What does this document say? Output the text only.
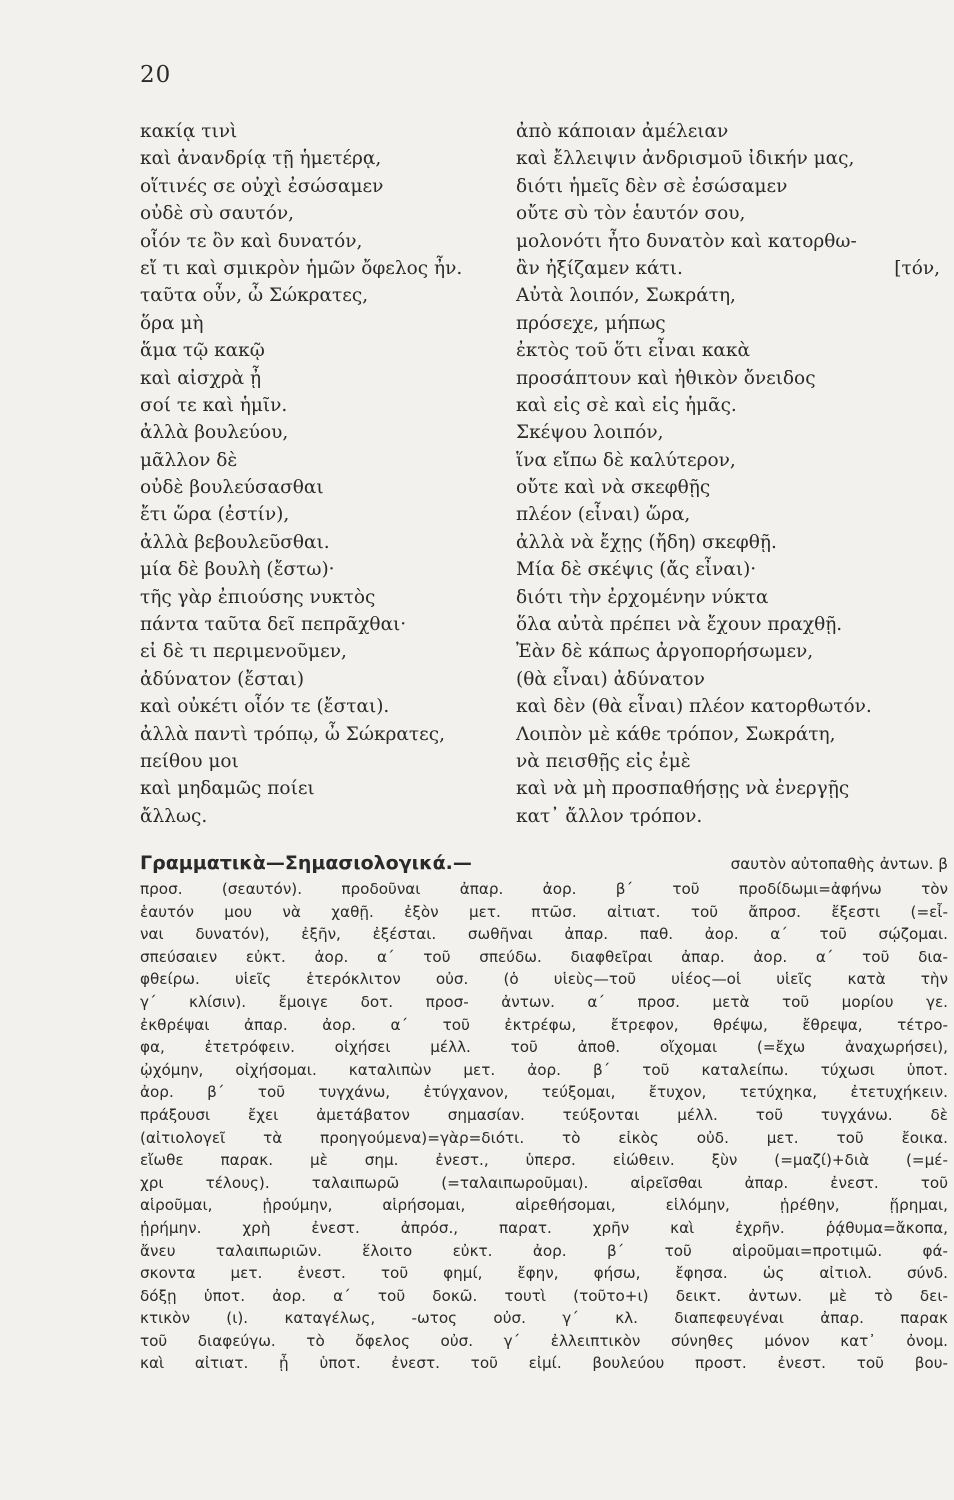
20
κακίᾳ τινὶ
καὶ ἀνανδρίᾳ τῇ ἡμετέρᾳ,
οἵτινές σε οὐχὶ ἐσώσαμεν
οὐδὲ σὺ σαυτόν,
οἷόν τε ὂν καὶ δυνατόν,
εἴ τι καὶ σμικρὸν ἡμῶν ὄφελος ἦν.
ταῦτα οὖν, ὦ Σώκρατες,
ὅρα μὴ
ἅμα τῷ κακῷ
καὶ αἰσχρὰ ᾖ
σοί τε καὶ ἡμῖν.
ἀλλὰ βουλεύου,
μᾶλλον δὲ
οὐδὲ βουλεύσασθαι
ἔτι ὥρα (ἐστίν),
ἀλλὰ βεβουλεῦσθαι.
μία δὲ βουλὴ (ἔστω)·
τῆς γὰρ ἐπιούσης νυκτὸς
πάντα ταῦτα δεῖ πεπρᾶχθαι·
εἰ δὲ τι περιμενοῦμεν,
ἀδύνατον (ἔσται)
καὶ οὐκέτι οἷόν τε (ἔσται).
ἀλλὰ παντὶ τρόπῳ, ὦ Σώκρατες,
πείθου μοι
καὶ μηδαμῶς ποίει
ἄλλως.
ἀπὸ κάποιαν ἀμέλειαν
καὶ ἔλλειψιν ἀνδρισμοῦ ἰδικήν μας,
διότι ἡμεῖς δὲν σὲ ἐσώσαμεν
οὔτε σὺ τὸν ἑαυτόν σου,
μολονότι ἦτο δυνατὸν καὶ κατορθω-
ἂν ἠξίζαμεν κάτι.	[τόν,
Αὐτὰ λοιπόν, Σωκράτη,
πρόσεχε, μήπως
ἐκτὸς τοῦ ὅτι εἶναι κακὰ
προσάπτουν καὶ ἠθικὸν ὄνειδος
καὶ εἰς σὲ καὶ εἰς ἡμᾶς.
Σκέψου λοιπόν,
ἵνα εἴπω δὲ καλύτερον,
οὔτε καὶ νὰ σκεφθῇς
πλέον (εἶναι) ὥρα,
ἀλλὰ νὰ ἔχῃς (ἤδη) σκεφθῇ.
Μία δὲ σκέψις (ἄς εἶναι)·
διότι τὴν ἐρχομένην νύκτα
ὅλα αὐτὰ πρέπει νὰ ἔχουν πραχθῇ.
Ἐὰν δὲ κάπως ἀργοπορήσωμεν,
(θὰ εἶναι) ἀδύνατον
καὶ δὲν (θὰ εἶναι) πλέον κατορθωτόν.
Λοιπὸν μὲ κάθε τρόπον, Σωκράτη,
νὰ πεισθῇς εἰς ἐμὲ
καὶ νὰ μὴ προσπαθήσῃς νὰ ἐνεργῇς
κατ᾿ ἄλλον τρόπον.
Γραμματικὰ—Σημασιολογικά.—	σαυτὸν αὐτοπαθὴς ἀντων. β
προσ. (σεαυτόν). προδοῦναι ἀπαρ. ἀορ. β΄ τοῦ προδίδωμι=ἀφήνω τὸν
ἑαυτόν μου νὰ χαθῇ. ἐξὸν μετ. πτῶσ. αἰτιατ. τοῦ ἄπροσ. ἔξεστι (=εἶ-
ναι δυνατόν), ἐξῆν, ἐξέσται. σωθῆναι ἀπαρ. παθ. ἀορ. α΄ τοῦ σῴζομαι.
σπεύσαιεν εὐκτ. ἀορ. α΄ τοῦ σπεύδω. διαφθεῖραι ἀπαρ. ἀορ. α΄ τοῦ δια-
φθείρω. υἱεῖς ἑτερόκλιτον οὐσ. (ὁ υἱεὺς—τοῦ υἱέος—οἱ υἱεῖς κατὰ τὴν
γ΄ κλίσιν). ἔμοιγε δοτ. προσ- ἀντων. α΄ προσ. μετὰ τοῦ μορίου γε.
ἐκθρέψαι ἀπαρ. ἀορ. α΄ τοῦ ἐκτρέφω, ἔτρεφον, θρέψω, ἔθρεψα, τέτρο-
φα, ἐτετρόφειν. οἰχήσει μέλλ. τοῦ ἀποθ. οἴχομαι (=ἔχω ἀναχωρήσει),
ᾠχόμην, οἰχήσομαι. καταλιπὼν μετ. ἀορ. β΄ τοῦ καταλείπω. τύχωσι ὑποτ.
ἀορ. β΄ τοῦ τυγχάνω, ἐτύγχανον, τεύξομαι, ἔτυχον, τετύχηκα, ἐτετυχήκειν.
πράξουσι ἔχει ἀμετάβατον σημασίαν. τεύξονται μέλλ. τοῦ τυγχάνω. δὲ
(αἰτιολογεῖ τὰ προηγούμενα)=γὰρ=διότι. τὸ εἰκὸς οὐδ. μετ. τοῦ ἔοικα.
εἴωθε παρακ. μὲ σημ. ἐνεστ., ὑπερσ. εἰώθειν. ξὺν (=μαζί)+διὰ (=μέ-
χρι τέλους). ταλαιπωρῶ (=ταλαιπωροῦμαι). αἱρεῖσθαι ἀπαρ. ἐνεστ. τοῦ
αἱροῦμαι, ᾑρούμην, αἱρήσομαι, αἱρεθήσομαι, εἱλόμην, ᾑρέθην, ᾕρημαι,
ᾑρήμην. χρὴ ἐνεστ. ἀπρόσ., παρατ. χρῆν καὶ ἐχρῆν. ῥᾴθυμα=ἄκοπα,
ἄνευ ταλαιπωριῶν. ἕλοιτο εὐκτ. ἀορ. β΄ τοῦ αἱροῦμαι=προτιμῶ. φά-
σκοντα μετ. ἐνεστ. τοῦ φημί, ἔφην, φήσω, ἔφησα. ὡς αἰτιολ. σύνδ.
δόξῃ ὑποτ. ἀορ. α΄ τοῦ δοκῶ. τουτὶ (τοῦτο+ι) δεικτ. ἀντων. μὲ τὸ δει-
κτικὸν (ι). καταγέλως, -ωτος οὐσ. γ΄ κλ. διαπεφευγέναι ἀπαρ. παρακ
τοῦ διαφεύγω. τὸ ὄφελος οὐσ. γ΄ ἐλλειπτικὸν σύνηθες μόνον κατ᾿ ὀνομ.
καὶ αἰτιατ. ᾖ ὑποτ. ἐνεστ. τοῦ εἰμί. βουλεύου προστ. ἐνεστ. τοῦ βου-
